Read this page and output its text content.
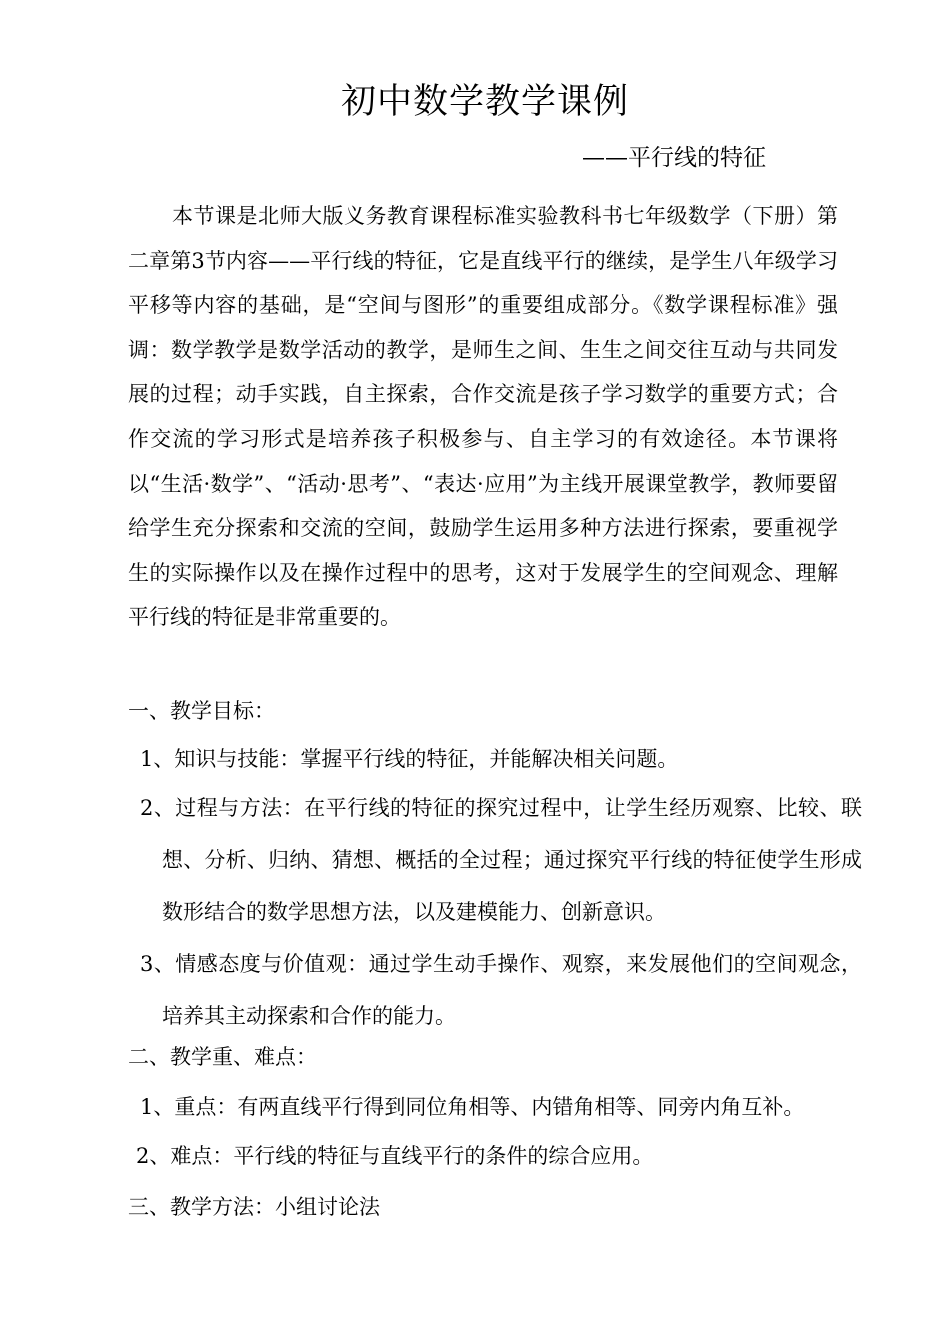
初中数学教学课例
——平行线的特征

本节课是北师大版义务教育课程标准实验教科书七年级数学（下册）第二章第3节内容——平行线的特征，它是直线平行的继续，是学生八年级学习平移等内容的基础，是“空间与图形”的重要组成部分。《数学课程标准》强调：数学教学是数学活动的教学，是师生之间、生生之间交往互动与共同发展的过程；动手实践，自主探索，合作交流是孩子学习数学的重要方式；合作交流的学习形式是培养孩子积极参与、自主学习的有效途径。本节课将以“生活·数学”、“活动·思考”、“表达·应用”为主线开展课堂教学，教师要留给学生充分探索和交流的空间，鼓励学生运用多种方法进行探索，要重视学生的实际操作以及在操作过程中的思考，这对于发展学生的空间观念、理解平行线的特征是非常重要的。

一、教学目标：
1、知识与技能：掌握平行线的特征，并能解决相关问题。

2、过程与方法：在平行线的特征的探究过程中，让学生经历观察、比较、联想、分析、归纳、猜想、概括的全过程；通过探究平行线的特征使学生形成数形结合的数学思想方法，以及建模能力、创新意识。

3、情感态度与价值观：通过学生动手操作、观察，来发展他们的空间观念，培养其主动探索和合作的能力。

二、教学重、难点：
1、重点：有两直线平行得到同位角相等、内错角相等、同旁内角互补。
2、难点：平行线的特征与直线平行的条件的综合应用。
三、教学方法：小组讨论法
